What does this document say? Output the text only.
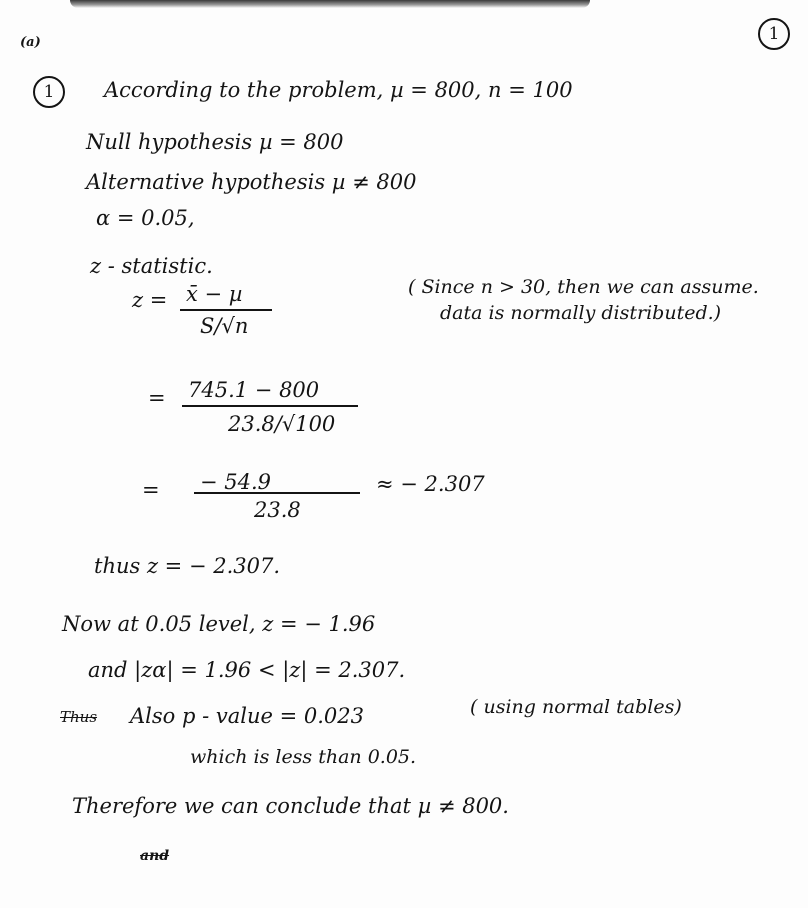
(a)	1
1 According to the problem, µ = 800, n = 100
Null hypothesis µ = 800
Alternative hypothesis µ ≠ 800
α = 0.05,
z - statistic.
z = x̄ − µ
S/√n
( Since n > 30, then we can assume.
data is normally distributed.)
= 745.1 − 800
23.8/√100
= − 54.9
23.8
≈ − 2.307
thus z = − 2.307.
Now at 0.05 level, z = − 1.96
and |zα| = 1.96 < |z| = 2.307.
Thus Also p - value = 0.023	( using normal tables)
which is less than 0.05.
Therefore we can conclude that µ ≠ 800.
and
